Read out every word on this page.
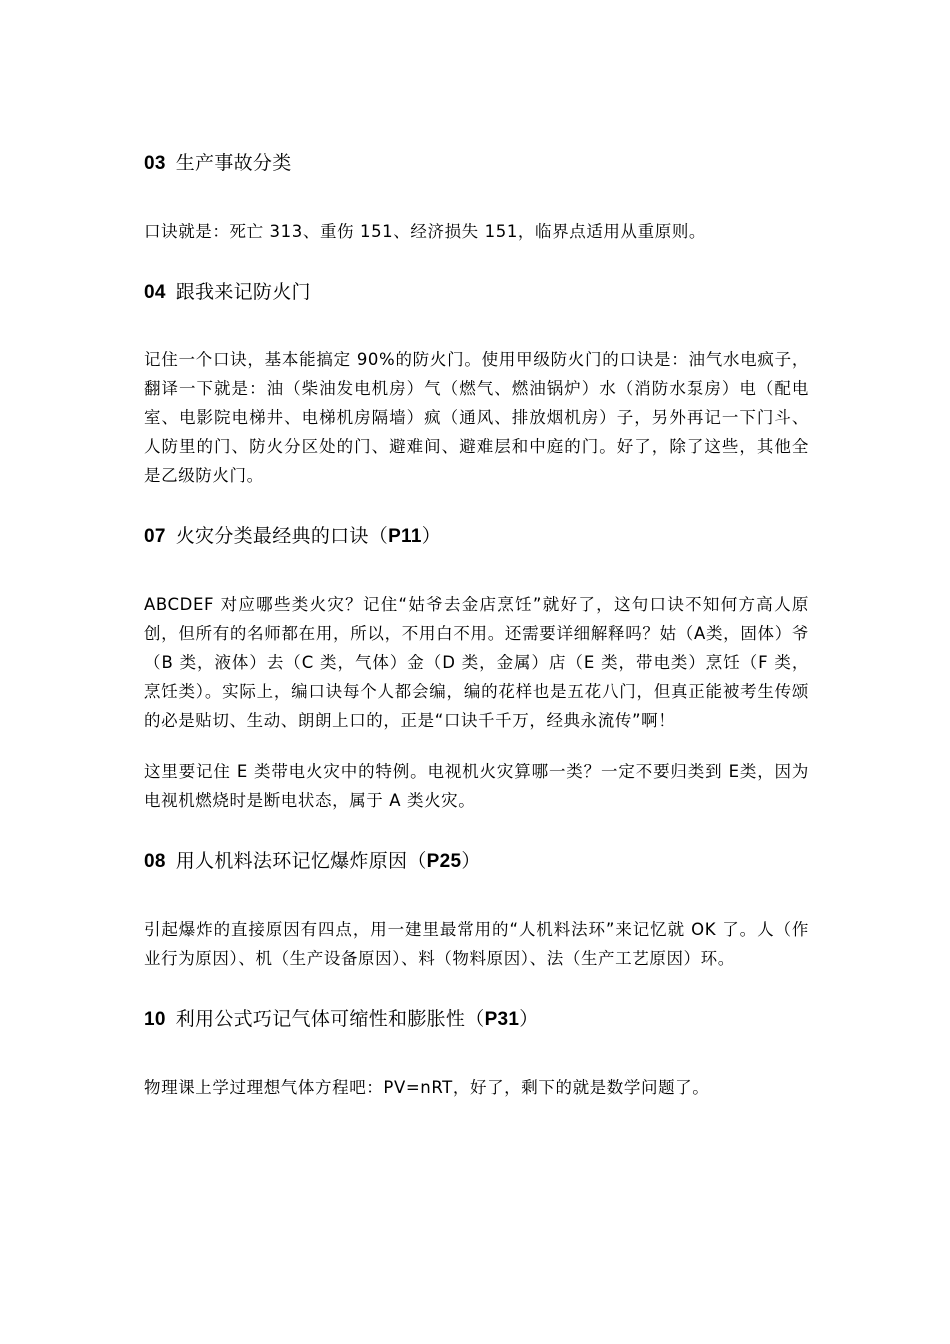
03 生产事故分类

口诀就是：死亡 313、重伤 151、经济损失 151，临界点适用从重原则。

04 跟我来记防火门

记住一个口诀，基本能搞定 90%的防火门。使用甲级防火门的口诀是：油气水电疯子，翻译一下就是：油（柴油发电机房）气（燃气、燃油锅炉）水（消防水泵房）电（配电室、电影院电梯井、电梯机房隔墙）疯（通风、排放烟机房）子，另外再记一下门斗、人防里的门、防火分区处的门、避难间、避难层和中庭的门。好了，除了这些，其他全是乙级防火门。

07 火灾分类最经典的口诀（P11）

ABCDEF 对应哪些类火灾？记住“姑爷去金店烹饪”就好了，这句口诀不知何方高人原创，但所有的名师都在用，所以，不用白不用。还需要详细解释吗？姑（A类，固体）爷（B 类，液体）去（C 类，气体）金（D 类，金属）店（E 类，带电类）烹饪（F 类，烹饪类）。实际上，编口诀每个人都会编，编的花样也是五花八门，但真正能被考生传颂的必是贴切、生动、朗朗上口的，正是“口诀千千万，经典永流传”啊！

这里要记住 E 类带电火灾中的特例。电视机火灾算哪一类？一定不要归类到 E类，因为电视机燃烧时是断电状态，属于 A 类火灾。

08 用人机料法环记忆爆炸原因（P25）

引起爆炸的直接原因有四点，用一建里最常用的“人机料法环”来记忆就 OK 了。人（作业行为原因）、机（生产设备原因）、料（物料原因）、法（生产工艺原因）环。

10 利用公式巧记气体可缩性和膨胀性（P31）

物理课上学过理想气体方程吧：PV=nRT，好了，剩下的就是数学问题了。
